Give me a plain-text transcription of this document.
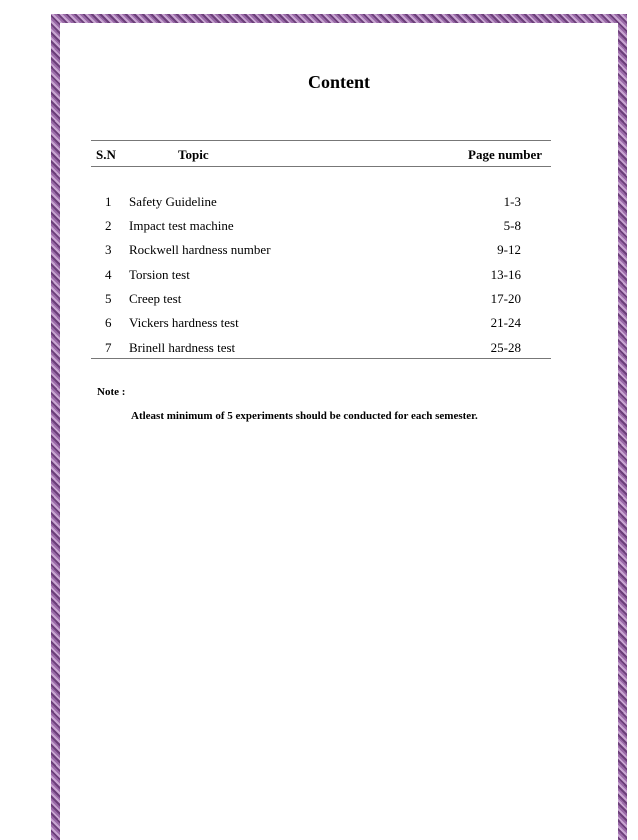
Content
S.N	Topic	Page number
1 Safety Guideline	1-3
2 Impact test machine	5-8
3 Rockwell hardness number	9-12
4 Torsion test	13-16
5 Creep test	17-20
6 Vickers hardness test	21-24
7 Brinell hardness test	25-28
Note :
Atleast minimum of 5 experiments should be conducted for each semester.
